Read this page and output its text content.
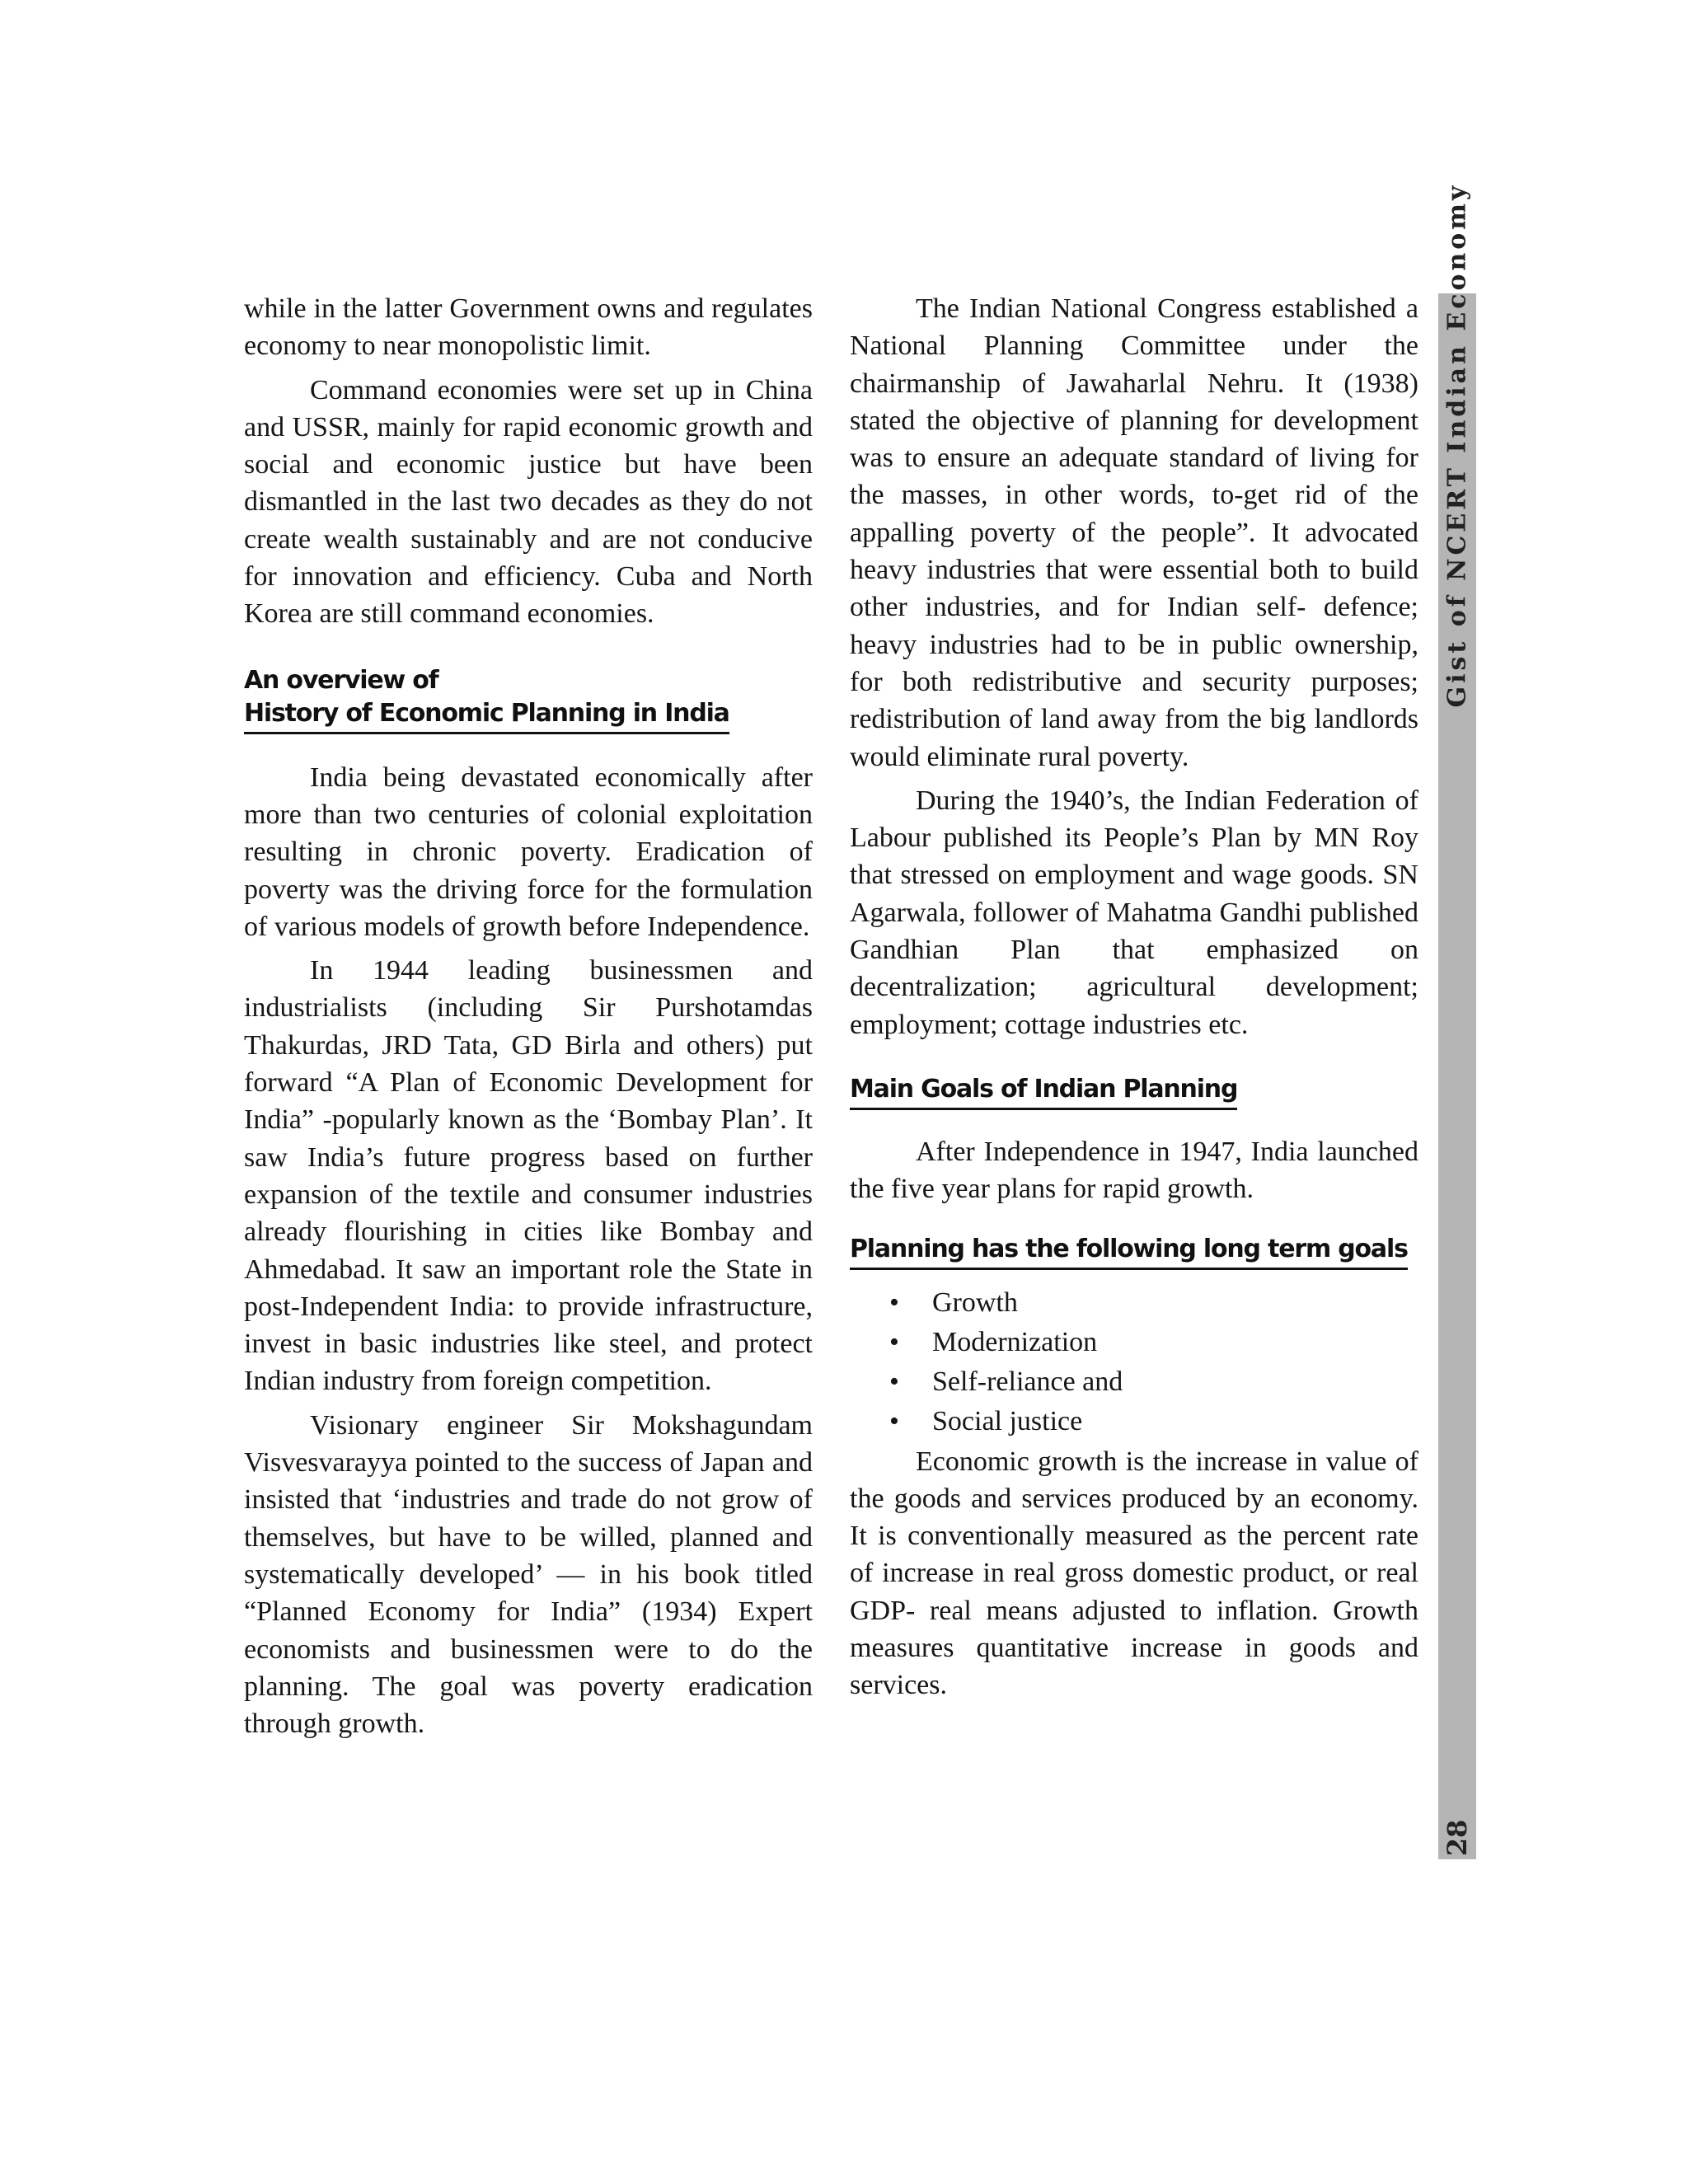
while in the latter Government owns and regulates economy to near monopolistic limit.

Command economies were set up in China and USSR, mainly for rapid economic growth and social and economic justice but have been dismantled in the last two decades as they do not create wealth sustainably and are not conducive for innovation and efficiency. Cuba and North Korea are still command economies.

An overview of
History of Economic Planning in India

India being devastated economically after more than two centuries of colonial exploitation resulting in chronic poverty. Eradication of poverty was the driving force for the formulation of various models of growth before Independence.

In 1944 leading businessmen and industrialists (including Sir Purshotamdas Thakurdas, JRD Tata, GD Birla and others) put forward “A Plan of Economic Development for India” -popularly known as the ‘Bombay Plan’. It saw India’s future progress based on further expansion of the textile and consumer industries already flourishing in cities like Bombay and Ahmedabad. It saw an important role the State in post-Independent India: to provide infrastructure, invest in basic industries like steel, and protect Indian industry from foreign competition.

Visionary engineer Sir Mokshagundam Visvesvarayya pointed to the success of Japan and insisted that ‘industries and trade do not grow of themselves, but have to be willed, planned and systematically developed’ — in his book titled “Planned Economy for India” (1934) Expert economists and businessmen were to do the planning. The goal was poverty eradication through growth.

The Indian National Congress established a National Planning Committee under the chairmanship of Jawaharlal Nehru. It (1938) stated the objective of planning for development was to ensure an adequate standard of living for the masses, in other words, to-get rid of the appalling poverty of the people”. It advocated heavy industries that were essential both to build other industries, and for Indian self- defence; heavy industries had to be in public ownership, for both redistributive and security purposes; redistribution of land away from the big landlords would eliminate rural poverty.

During the 1940’s, the Indian Federation of Labour published its People’s Plan by MN Roy that stressed on employment and wage goods. SN Agarwala, follower of Mahatma Gandhi published Gandhian Plan that emphasized on decentralization; agricultural development; employment; cottage industries etc.

Main Goals of Indian Planning

After Independence in 1947, India launched the five year plans for rapid growth.

Planning has the following long term goals
• Growth
• Modernization
• Self-reliance and
• Social justice

Economic growth is the increase in value of the goods and services produced by an economy. It is conventionally measured as the percent rate of increase in real gross domestic product, or real GDP- real means adjusted to inflation. Growth measures quantitative increase in goods and services.

Gist of NCERT Indian Economy
28
